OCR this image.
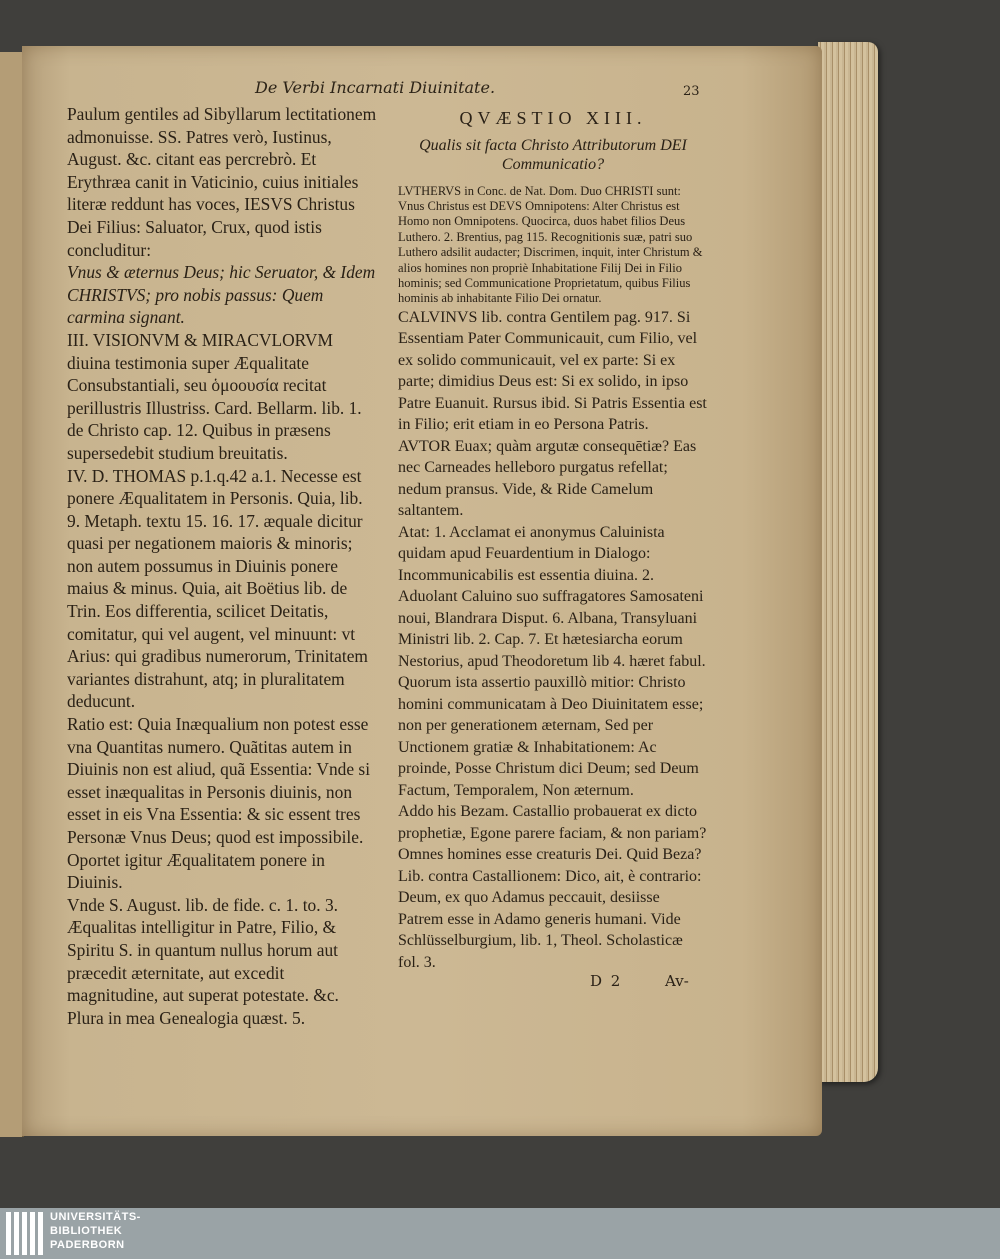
De Verbi Incarnati Diuinitate.	23

Paulum gentiles ad Sibyllarum lectitationem admonuisse. SS. Patres verò, Iustinus, August. &c. citant eas percrebrò. Et Erythræa canit in Vaticinio, cuius initiales literæ reddunt has voces, IESVS Christus Dei Filius: Saluator, Crux, quod istis concluditur:

Vnus & æternus Deus; hic Seruator, & Idem CHRISTVS; pro nobis passus: Quem carmina signant.

III. VISIONVM & MIRACVLORVM diuina testimonia super Æqualitate Consubstantiali, seu ὁμοουσία recitat perillustris Illustriss. Card. Bellarm. lib. 1. de Christo cap. 12. Quibus in præsens supersedebit studium breuitatis.

IV. D. THOMAS p.1.q.42 a.1. Necesse est ponere Æqualitatem in Personis. Quia, lib. 9. Metaph. textu 15. 16. 17. æquale dicitur quasi per negationem maioris & minoris; non autem possumus in Diuinis ponere maius & minus. Quia, ait Boëtius lib. de Trin. Eos differentia, scilicet Deitatis, comitatur, qui vel augent, vel minuunt: vt Arius: qui gradibus numerorum, Trinitatem variantes distrahunt, atq; in pluralitatem deducunt.

Ratio est: Quia Inæqualium non potest esse vna Quantitas numero. Quãtitas autem in Diuinis non est aliud, quã Essentia: Vnde si esset inæqualitas in Personis diuinis, non esset in eis Vna Essentia: & sic essent tres Personæ Vnus Deus; quod est impossibile. Oportet igitur Æqualitatem ponere in Diuinis.

Vnde S. August. lib. de fide. c. 1. to. 3. Æqualitas intelligitur in Patre, Filio, & Spiritu S. in quantum nullus horum aut præcedit æternitate, aut excedit magnitudine, aut superat potestate. &c. Plura in mea Genealogia quæst. 5.

QVÆSTIO XIII.

Qualis sit facta Christo Attributorum DEI Communicatio?

LVTHERVS in Conc. de Nat. Dom. Duo CHRISTI sunt: Vnus Christus est DEVS Omnipotens: Alter Christus est Homo non Omnipotens. Quocirca, duos habet filios Deus Luthero. 2. Brentius, pag 115. Recognitionis suæ, patri suo Luthero adsilit audacter; Discrimen, inquit, inter Christum & alios homines non propriè Inhabitatione Filij Dei in Filio hominis; sed Communicatione Proprietatum, quibus Filius hominis ab inhabitante Filio Dei ornatur.

CALVINVS lib. contra Gentilem pag. 917. Si Essentiam Pater Communicauit, cum Filio, vel ex solido communicauit, vel ex parte: Si ex parte; dimidius Deus est: Si ex solido, in ipso Patre Euanuit. Rursus ibid. Si Patris Essentia est in Filio; erit etiam in eo Persona Patris.

AVTOR Euax; quàm argutæ consequētiæ? Eas nec Carneades helleboro purgatus refellat; nedum pransus. Vide, & Ride Camelum saltantem.

Atat: 1. Acclamat ei anonymus Caluinista quidam apud Feuardentium in Dialogo: Incommunicabilis est essentia diuina. 2. Aduolant Caluino suo suffragatores Samosateni noui, Blandrara Disput. 6. Albana, Transyluani Ministri lib. 2. Cap. 7. Et hætesiarcha eorum Nestorius, apud Theodoretum lib 4. hæret fabul. Quorum ista assertio pauxillò mitior: Christo homini communicatam à Deo Diuinitatem esse; non per generationem æternam, Sed per Unctionem gratiæ & Inhabitationem: Ac proinde, Posse Christum dici Deum; sed Deum Factum, Temporalem, Non æternum.

Addo his Bezam. Castallio probauerat ex dicto prophetiæ, Egone parere faciam, & non pariam? Omnes homines esse creaturis Dei. Quid Beza? Lib. contra Castallionem: Dico, ait, è contrario: Deum, ex quo Adamus peccauit, desiisse Patrem esse in Adamo generis humani. Vide Schlüsselburgium, lib. 1, Theol. Scholasticæ fol. 3.

D 2	Av-
UNIVERSITÄTS-
BIBLIOTHEK
PADERBORN
